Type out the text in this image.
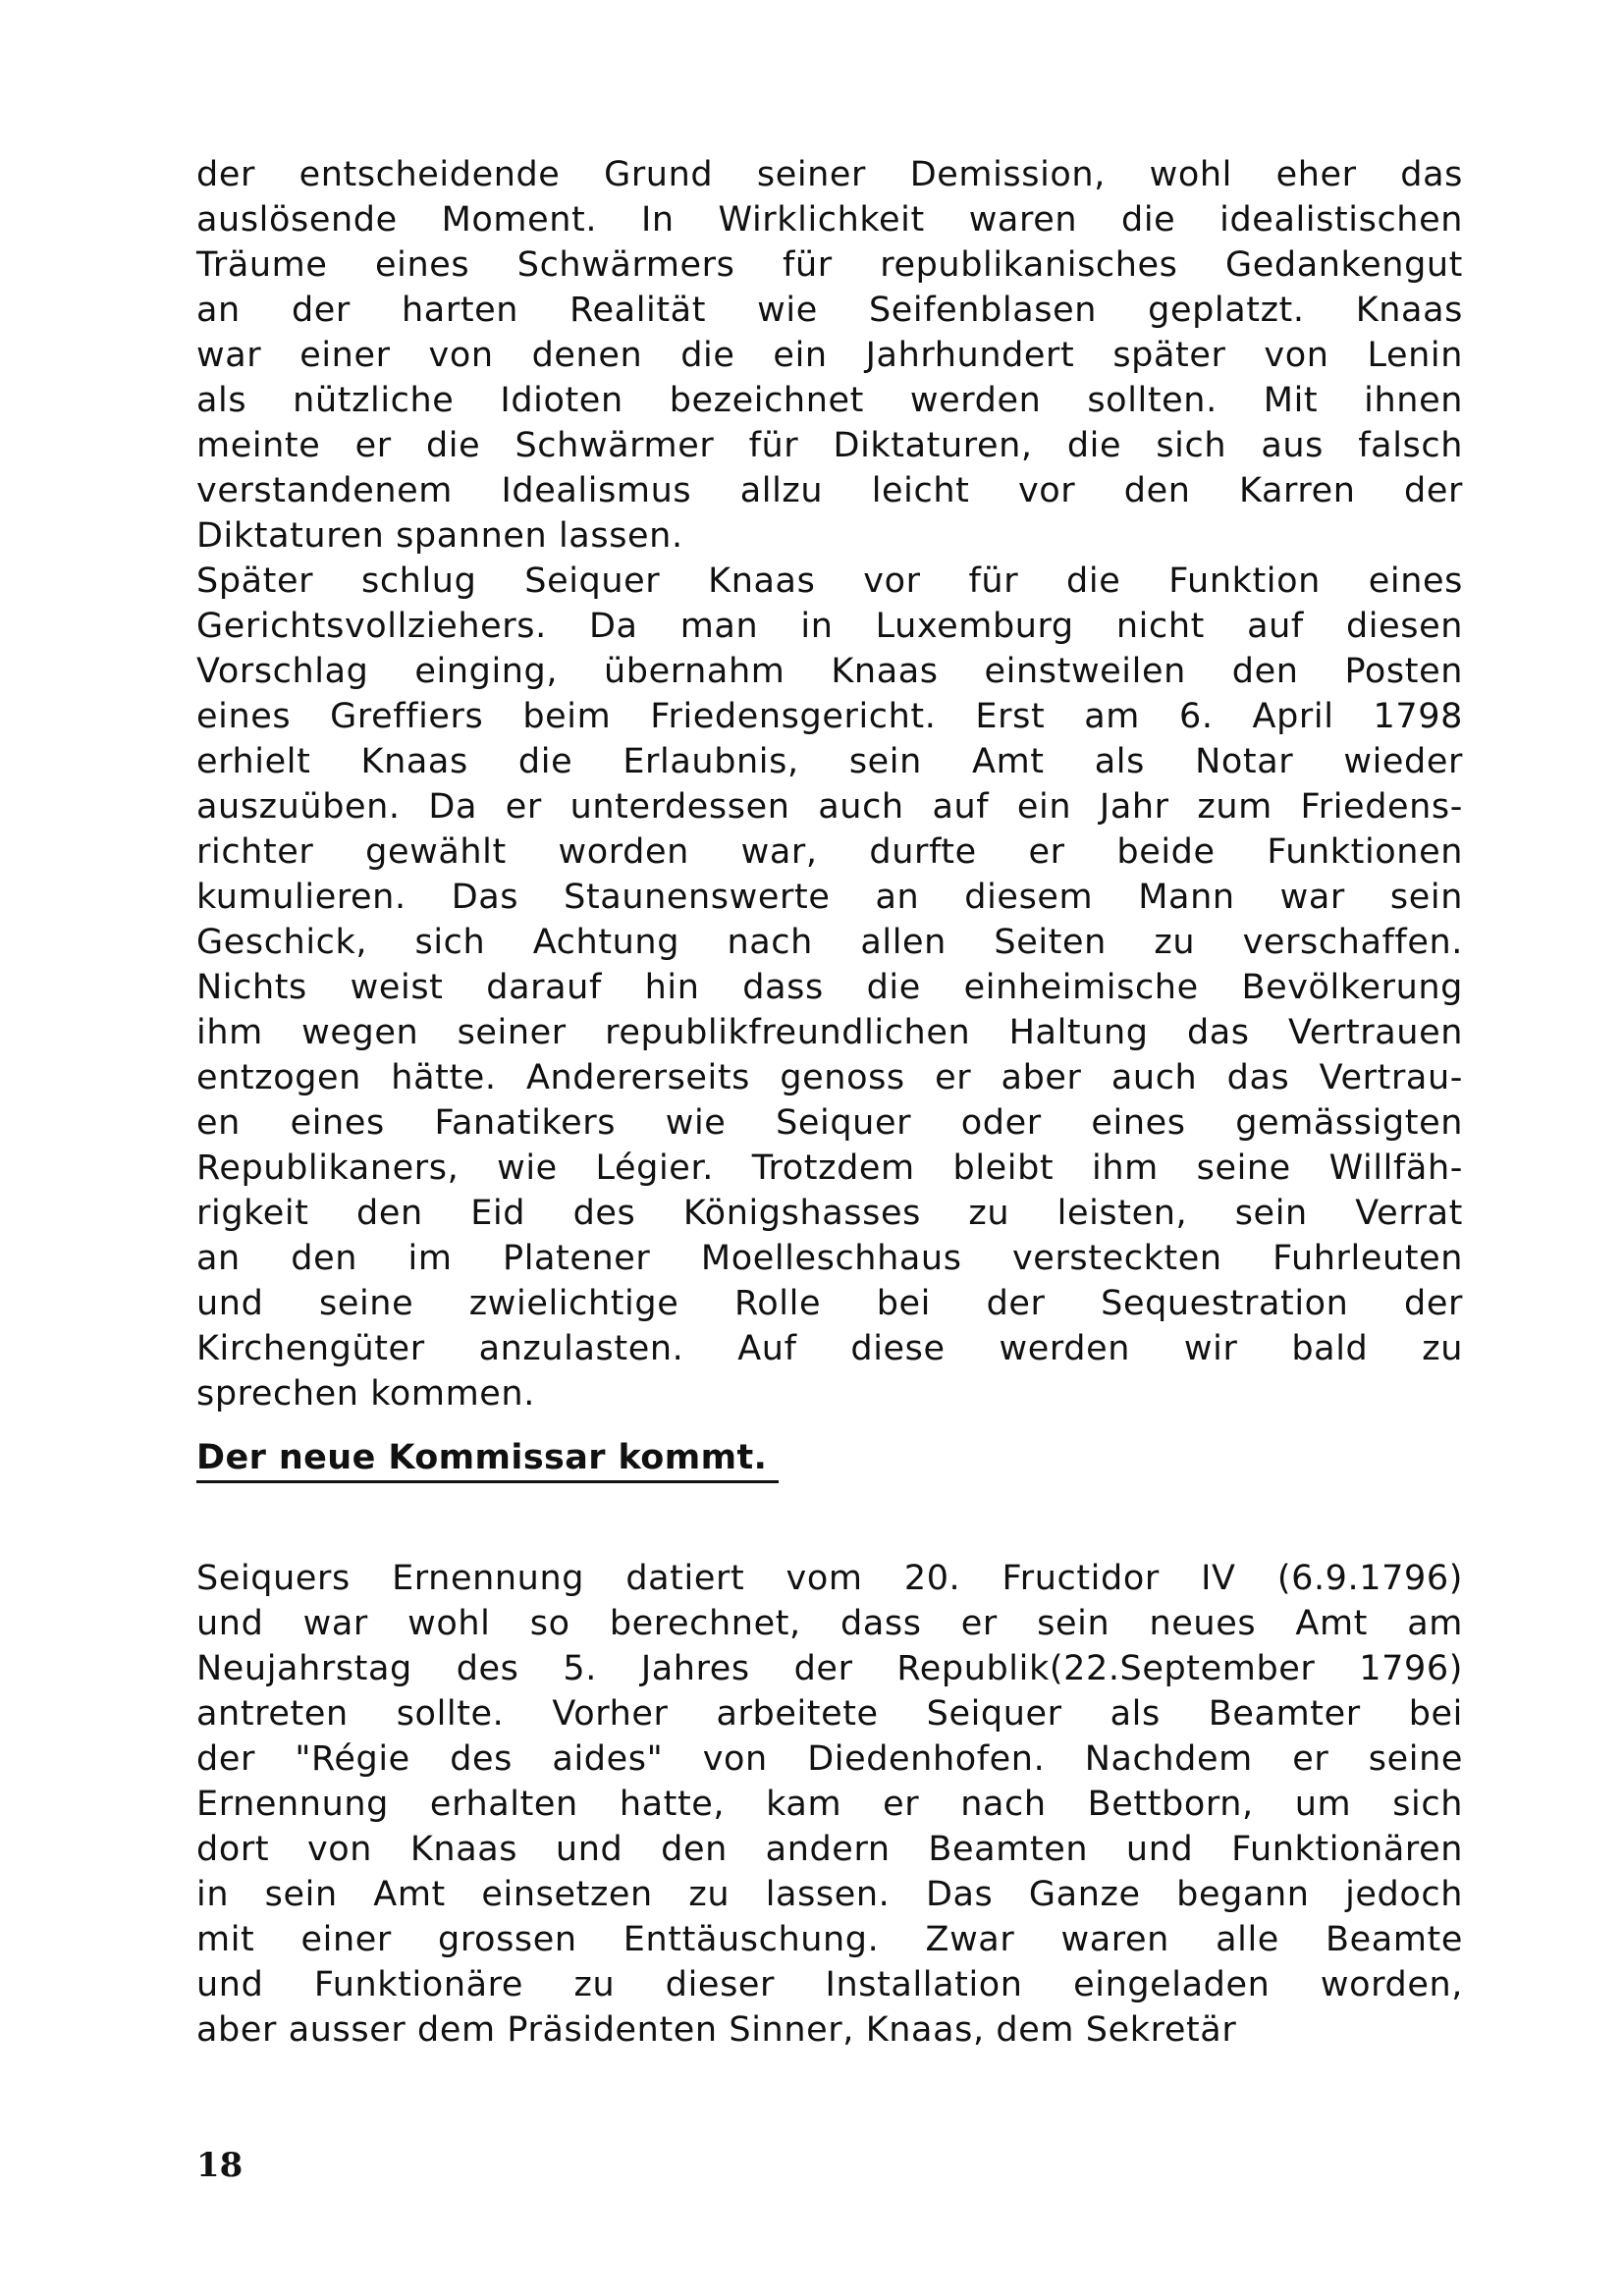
der entscheidende Grund seiner Demission, wohl eher das
auslösende Moment. In Wirklichkeit waren die idealistischen
Träume eines Schwärmers für republikanisches Gedankengut
an der harten Realität wie Seifenblasen geplatzt. Knaas
war einer von denen die ein Jahrhundert später von Lenin
als nützliche Idioten bezeichnet werden sollten. Mit ihnen
meinte er die Schwärmer für Diktaturen, die sich aus falsch
verstandenem Idealismus allzu leicht vor den Karren der
Diktaturen spannen lassen.
Später schlug Seiquer Knaas vor für die Funktion eines
Gerichtsvollziehers. Da man in Luxemburg nicht auf diesen
Vorschlag einging, übernahm Knaas einstweilen den Posten
eines Greffiers beim Friedensgericht. Erst am 6. April 1798
erhielt Knaas die Erlaubnis, sein Amt als Notar wieder
auszuüben. Da er unterdessen auch auf ein Jahr zum Friedens-
richter gewählt worden war, durfte er beide Funktionen
kumulieren. Das Staunenswerte an diesem Mann war sein
Geschick, sich Achtung nach allen Seiten zu verschaffen.
Nichts weist darauf hin dass die einheimische Bevölkerung
ihm wegen seiner republikfreundlichen Haltung das Vertrauen
entzogen hätte. Andererseits genoss er aber auch das Vertrau-
en eines Fanatikers wie Seiquer oder eines gemässigten
Republikaners, wie Légier. Trotzdem bleibt ihm seine Willfäh-
rigkeit den Eid des Königshasses zu leisten, sein Verrat
an den im Platener Moelleschhaus versteckten Fuhrleuten
und seine zwielichtige Rolle bei der Sequestration der
Kirchengüter anzulasten. Auf diese werden wir bald zu
sprechen kommen.
Der neue Kommissar kommt.
Seiquers Ernennung datiert vom 20. Fructidor IV (6.9.1796)
und war wohl so berechnet, dass er sein neues Amt am
Neujahrstag des 5. Jahres der Republik(22.September 1796)
antreten sollte. Vorher arbeitete Seiquer als Beamter bei
der "Régie des aides" von Diedenhofen. Nachdem er seine
Ernennung erhalten hatte, kam er nach Bettborn, um sich
dort von Knaas und den andern Beamten und Funktionären
in sein Amt einsetzen zu lassen. Das Ganze begann jedoch
mit einer grossen Enttäuschung. Zwar waren alle Beamte
und Funktionäre zu dieser Installation eingeladen worden,
aber ausser dem Präsidenten Sinner, Knaas, dem Sekretär
18
